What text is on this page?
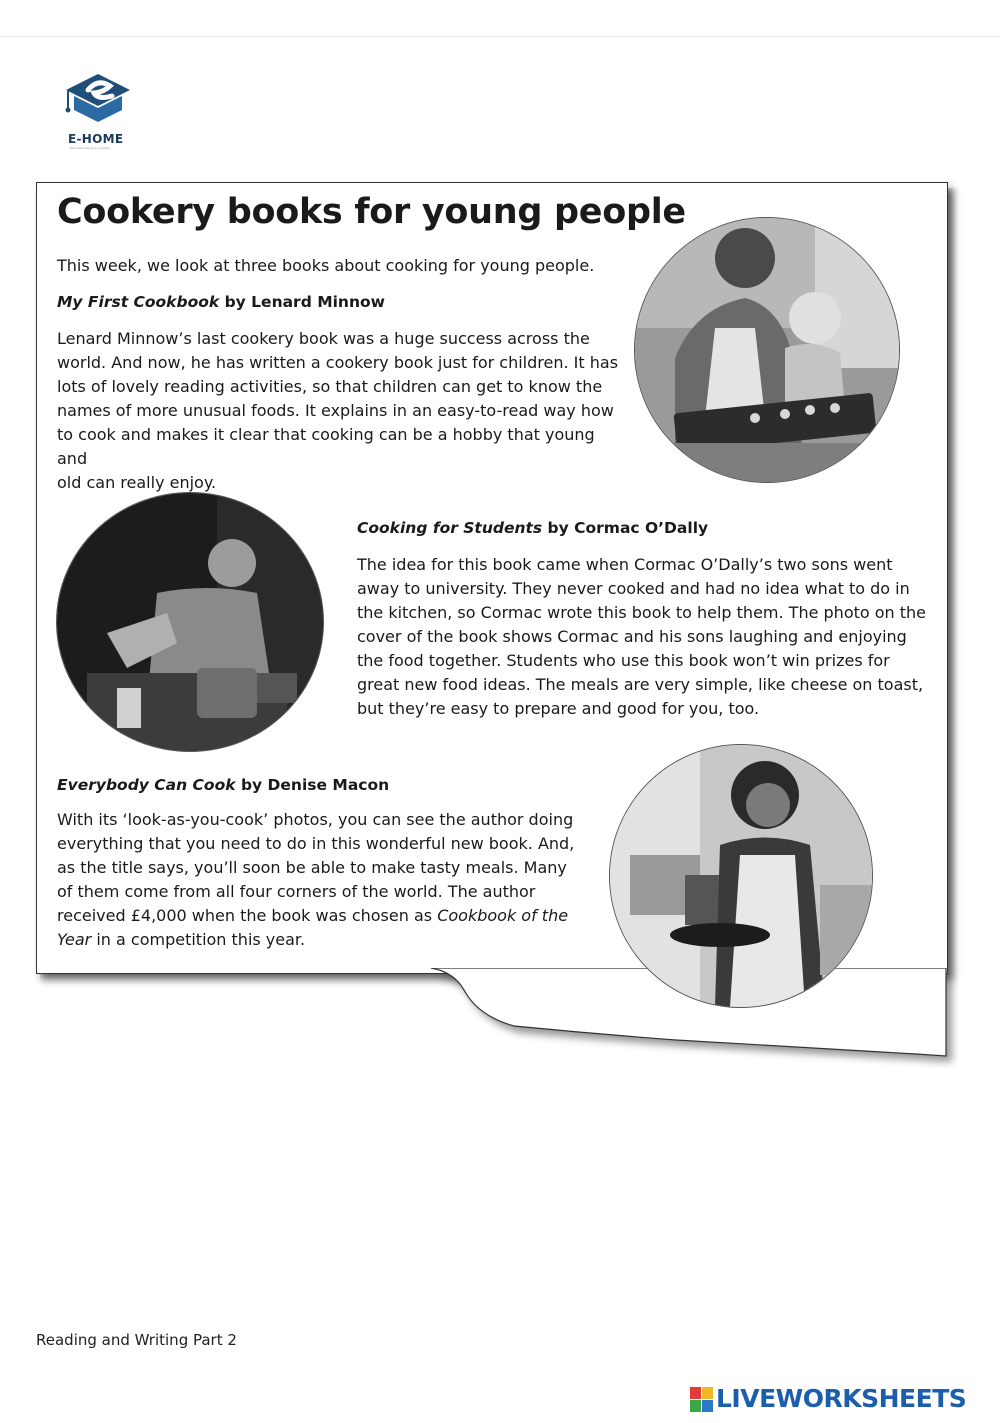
E-HOME
learn like not your country
Cookery books for young people
This week, we look at three books about cooking for young people.
My First Cookbook by Lenard Minnow
Lenard Minnow’s last cookery book was a huge success across the
world. And now, he has written a cookery book just for children. It has
lots of lovely reading activities, so that children can get to know the
names of more unusual foods. It explains in an easy-to-read way how
to cook and makes it clear that cooking can be a hobby that young and
old can really enjoy.
Cooking for Students by Cormac O’Dally
The idea for this book came when Cormac O’Dally’s two sons went
away to university. They never cooked and had no idea what to do in
the kitchen, so Cormac wrote this book to help them. The photo on the
cover of the book shows Cormac and his sons laughing and enjoying
the food together. Students who use this book won’t win prizes for
great new food ideas. The meals are very simple, like cheese on toast,
but they’re easy to prepare and good for you, too.
Everybody Can Cook by Denise Macon
With its ‘look-as-you-cook’ photos, you can see the author doing
everything that you need to do in this wonderful new book. And,
as the title says, you’ll soon be able to make tasty meals. Many
of them come from all four corners of the world. The author
received £4,000 when the book was chosen as Cookbook of the
Year in a competition this year.
Reading and Writing Part 2
LIVEWORKSHEETS
